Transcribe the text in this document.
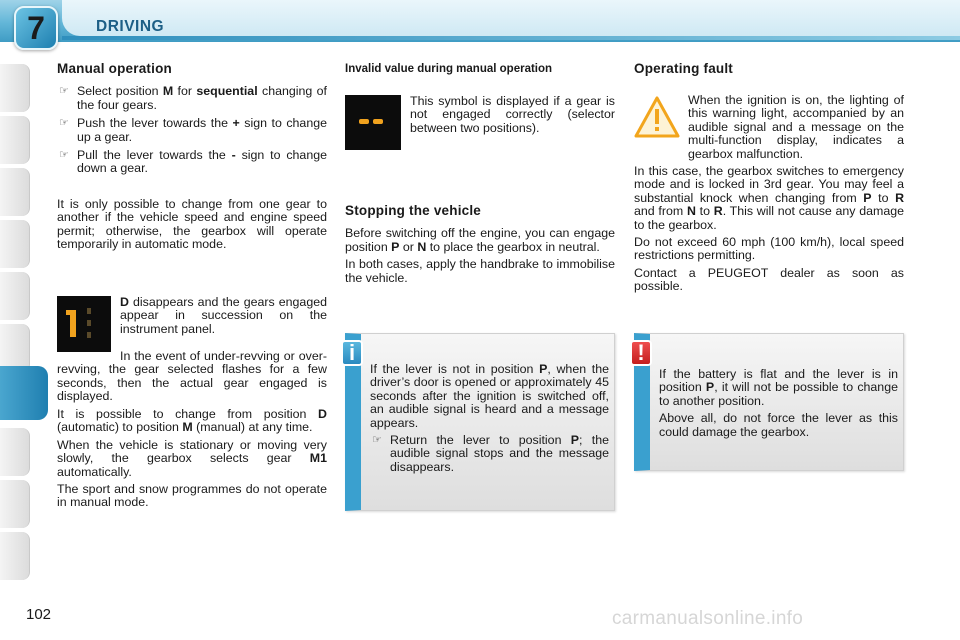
7	DRIVING
Manual operation
☞ Select position M for sequential changing of the four gears.
☞ Push the lever towards the + sign to change up a gear.
☞ Pull the lever towards the - sign to change down a gear.

It is only possible to change from one gear to another if the vehicle speed and engine speed permit; otherwise, the gearbox will operate temporarily in automatic mode.

D disappears and the gears engaged appear in succession on the instrument panel.

In the event of under-revving or over-revving, the gear selected flashes for a few seconds, then the actual gear engaged is displayed.

It is possible to change from position D (automatic) to position M (manual) at any time.

When the vehicle is stationary or moving very slowly, the gearbox selects gear M1 automatically.

The sport and snow programmes do not operate in manual mode.

Invalid value during manual operation

This symbol is displayed if a gear is not engaged correctly (selector between two positions).

Stopping the vehicle

Before switching off the engine, you can engage position P or N to place the gearbox in neutral.

In both cases, apply the handbrake to immobilise the vehicle.

i

If the lever is not in position P, when the driver’s door is opened or approximately 45 seconds after the ignition is switched off, an audible signal is heard and a message appears.

☞ Return the lever to position P; the audible signal stops and the message disappears.
Operating fault

When the ignition is on, the lighting of this warning light, accompanied by an audible signal and a message on the multi-function display, indicates a gearbox malfunction.

In this case, the gearbox switches to emergency mode and is locked in 3rd gear. You may feel a substantial knock when changing from P to R and from N to R. This will not cause any damage to the gearbox.

Do not exceed 60 mph (100 km/h), local speed restrictions permitting.

Contact a PEUGEOT dealer as soon as possible.

!

If the battery is flat and the lever is in position P, it will not be possible to change to another position.

Above all, do not force the lever as this could damage the gearbox.

102	carmanualsonline.info
